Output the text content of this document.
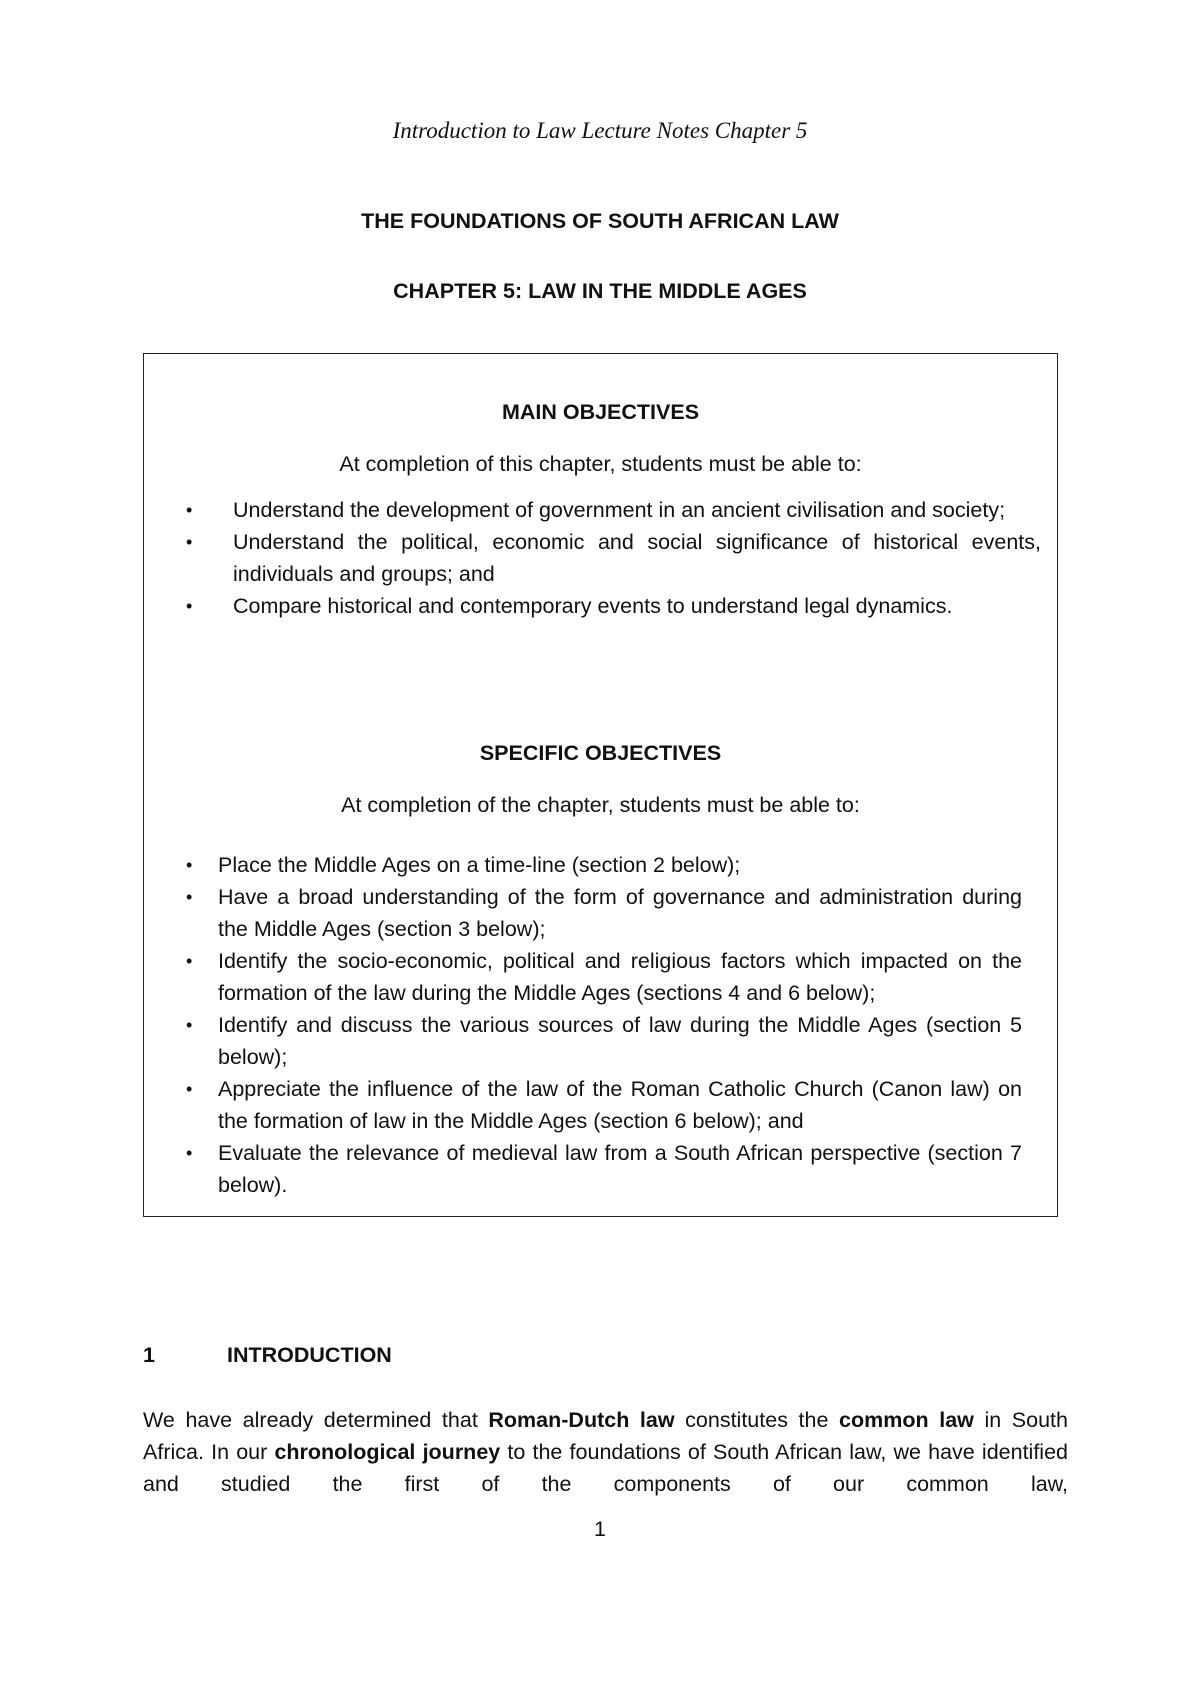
Introduction to Law Lecture Notes Chapter 5
THE FOUNDATIONS OF SOUTH AFRICAN LAW
CHAPTER 5: LAW IN THE MIDDLE AGES
MAIN OBJECTIVES
At completion of this chapter, students must be able to:
• Understand the development of government in an ancient civilisation and society;
• Understand the political, economic and social significance of historical events, individuals and groups; and
• Compare historical and contemporary events to understand legal dynamics.
SPECIFIC OBJECTIVES
At completion of the chapter, students must be able to:
• Place the Middle Ages on a time-line (section 2 below);
• Have a broad understanding of the form of governance and administration during the Middle Ages (section 3 below);
• Identify the socio-economic, political and religious factors which impacted on the formation of the law during the Middle Ages (sections 4 and 6 below);
• Identify and discuss the various sources of law during the Middle Ages (section 5 below);
• Appreciate the influence of the law of the Roman Catholic Church (Canon law) on the formation of law in the Middle Ages (section 6 below); and
• Evaluate the relevance of medieval law from a South African perspective (section 7 below).
1	INTRODUCTION

We have already determined that Roman-Dutch law constitutes the common law in South Africa. In our chronological journey to the foundations of South African law, we have identified and studied the first of the components of our common law,

1
